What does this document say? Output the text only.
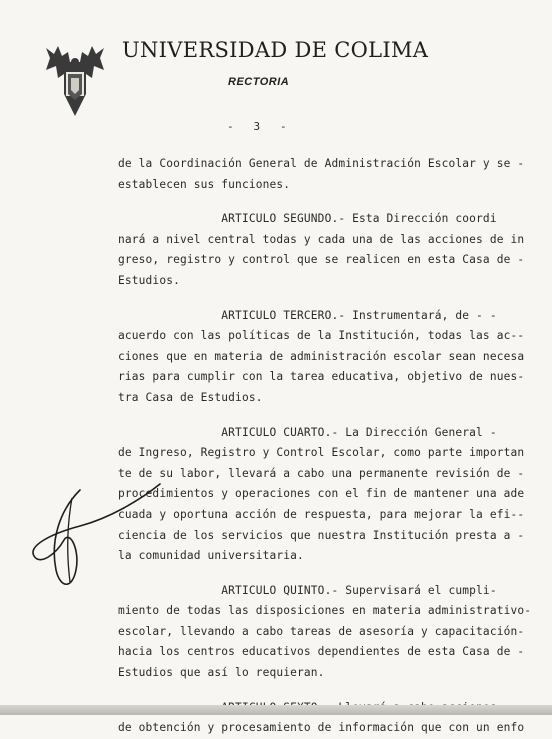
UNIVERSIDAD DE COLIMA
RECTORIA
-   3   -
de la Coordinación General de Administración Escolar y se -
establecen sus funciones.
ARTICULO SEGUNDO.- Esta Dirección coordi
nará a nivel central todas y cada una de las acciones de in
greso, registro y control que se realicen en esta Casa de -
Estudios.
ARTICULO TERCERO.- Instrumentará, de - -
acuerdo con las políticas de la Institución, todas las ac--
ciones que en materia de administración escolar sean necesa
rias para cumplir con la tarea educativa, objetivo de nues-
tra Casa de Estudios.
ARTICULO CUARTO.- La Dirección General -
de Ingreso, Registro y Control Escolar, como parte importan
te de su labor, llevará a cabo una permanente revisión de -
procedimientos y operaciones con el fin de mantener una ade
cuada y oportuna acción de respuesta, para mejorar la efi--
ciencia de los servicios que nuestra Institución presta a -
la comunidad universitaria.
ARTICULO QUINTO.- Supervisará el cumpli-
miento de todas las disposiciones en materia administrativo-
escolar, llevando a cabo tareas de asesoría y capacitación-
hacia los centros educativos dependientes de esta Casa de -
Estudios que así lo requieran.
de obtención y procesamiento de información que con un enfo
